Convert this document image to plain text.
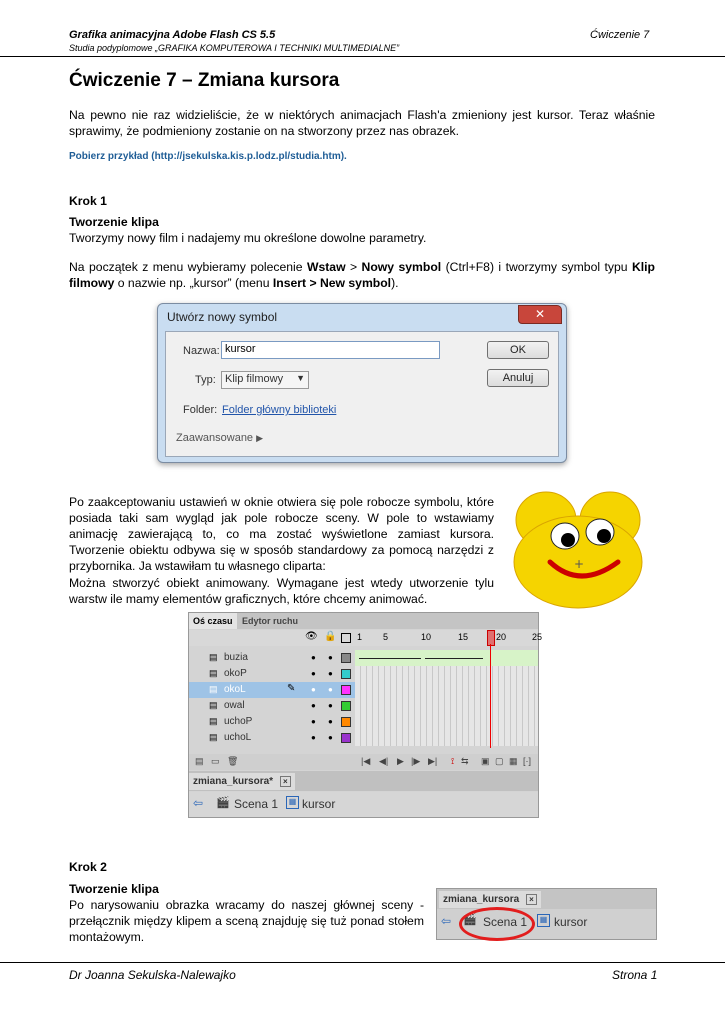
Grafika animacyjna Adobe Flash CS 5.5
Studia podyplomowe „GRAFIKA KOMPUTEROWA I TECHNIKI MULTIMEDIALNE”
Ćwiczenie 7
Ćwiczenie 7 – Zmiana kursora
Na pewno nie raz widzieliście, że w niektórych animacjach Flash'a zmieniony jest kursor. Teraz właśnie sprawimy, że podmieniony zostanie on na stworzony przez nas obrazek.
Pobierz przykład (http://jsekulska.kis.p.lodz.pl/studia.htm).
Krok 1
Tworzenie klipa
Tworzymy nowy film i nadajemy mu określone dowolne parametry.
Na początek z menu wybieramy polecenie Wstaw > Nowy symbol (Ctrl+F8) i tworzymy symbol typu Klip filmowy o nazwie np. „kursor” (menu Insert > New symbol).
Utwórz nowy symbol	✕
Nazwa: kursor
Typ: Klip filmowy ▼
Folder: Folder główny biblioteki
Zaawansowane ▶
OK
Anuluj
Po zaakceptowaniu ustawień w oknie otwiera się pole robocze symbolu, które posiada taki sam wygląd jak pole robocze sceny. W pole to wstawiamy animację zawierającą to, co ma zostać wyświetlone zamiast kursora. Tworzenie obiektu odbywa się w sposób standardowy za pomocą narzędzi z przybornika. Ja wstawiłam tu własnego cliparta:
Można stworzyć obiekt animowany. Wymagane jest wtedy utworzenie tylu warstw ile mamy elementów graficznych, które chcemy animować.
+
Oś czasu	Edytor ruchu
👁 🔒	5	10	15	20	25
1
▤ buzia	● ●
▤ okoP	● ●
▤ okoL	✎ ● ●
▤ owal	● ●
▤ uchoP	● ●
▤ uchoL	● ●
▤ ▭ 🗑	|◀ ◀| ▶ |▶ ▶| ⟟ ⇆ ▣ ▢ ▦ [·]
zmiana_kursora* ×
⇦ 🎬 Scena 1	▦ kursor
Krok 2
Tworzenie klipa
Po narysowaniu obrazka wracamy do naszej głównej sceny - przełącznik między klipem a sceną znajduję się tuż ponad stołem montażowym.
zmiana_kursora ×
⇦ 🎬 Scena 1	▦ kursor
Dr Joanna Sekulska-Nalewajko	Strona 1
